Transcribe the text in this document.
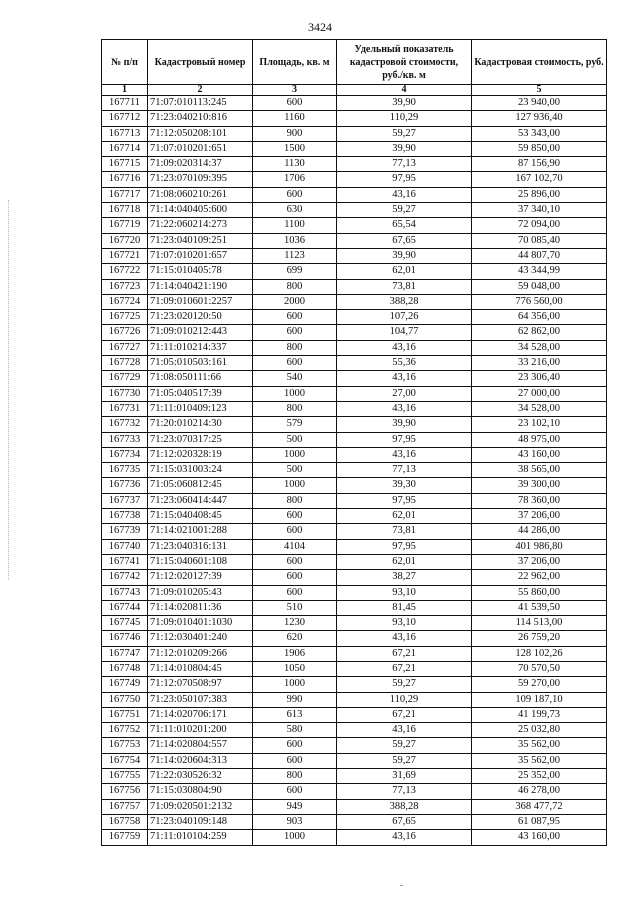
3424
№ п/п	Кадастровый номер	Площадь, кв. м	Удельный показатель кадастровой стоимости, руб./кв. м	Кадастровая стоимость, руб.
1	2	3	4	5
167711	71:07:010113:245	600	39,90	23 940,00
167712	71:23:040210:816	1160	110,29	127 936,40
167713	71:12:050208:101	900	59,27	53 343,00
167714	71:07:010201:651	1500	39,90	59 850,00
167715	71:09:020314:37	1130	77,13	87 156,90
167716	71:23:070109:395	1706	97,95	167 102,70
167717	71:08:060210:261	600	43,16	25 896,00
167718	71:14:040405:600	630	59,27	37 340,10
167719	71:22:060214:273	1100	65,54	72 094,00
167720	71:23:040109:251	1036	67,65	70 085,40
167721	71:07:010201:657	1123	39,90	44 807,70
167722	71:15:010405:78	699	62,01	43 344,99
167723	71:14:040421:190	800	73,81	59 048,00
167724	71:09:010601:2257	2000	388,28	776 560,00
167725	71:23:020120:50	600	107,26	64 356,00
167726	71:09:010212:443	600	104,77	62 862,00
167727	71:11:010214:337	800	43,16	34 528,00
167728	71:05:010503:161	600	55,36	33 216,00
167729	71:08:050111:66	540	43,16	23 306,40
167730	71:05:040517:39	1000	27,00	27 000,00
167731	71:11:010409:123	800	43,16	34 528,00
167732	71:20:010214:30	579	39,90	23 102,10
167733	71:23:070317:25	500	97,95	48 975,00
167734	71:12:020328:19	1000	43,16	43 160,00
167735	71:15:031003:24	500	77,13	38 565,00
167736	71:05:060812:45	1000	39,30	39 300,00
167737	71:23:060414:447	800	97,95	78 360,00
167738	71:15:040408:45	600	62,01	37 206,00
167739	71:14:021001:288	600	73,81	44 286,00
167740	71:23:040316:131	4104	97,95	401 986,80
167741	71:15:040601:108	600	62,01	37 206,00
167742	71:12:020127:39	600	38,27	22 962,00
167743	71:09:010205:43	600	93,10	55 860,00
167744	71:14:020811:36	510	81,45	41 539,50
167745	71:09:010401:1030	1230	93,10	114 513,00
167746	71:12:030401:240	620	43,16	26 759,20
167747	71:12:010209:266	1906	67,21	128 102,26
167748	71:14:010804:45	1050	67,21	70 570,50
167749	71:12:070508:97	1000	59,27	59 270,00
167750	71:23:050107:383	990	110,29	109 187,10
167751	71:14:020706:171	613	67,21	41 199,73
167752	71:11:010201:200	580	43,16	25 032,80
167753	71:14:020804:557	600	59,27	35 562,00
167754	71:14:020604:313	600	59,27	35 562,00
167755	71:22:030526:32	800	31,69	25 352,00
167756	71:15:030804:90	600	77,13	46 278,00
167757	71:09:020501:2132	949	388,28	368 477,72
167758	71:23:040109:148	903	67,65	61 087,95
167759	71:11:010104:259	1000	43,16	43 160,00
